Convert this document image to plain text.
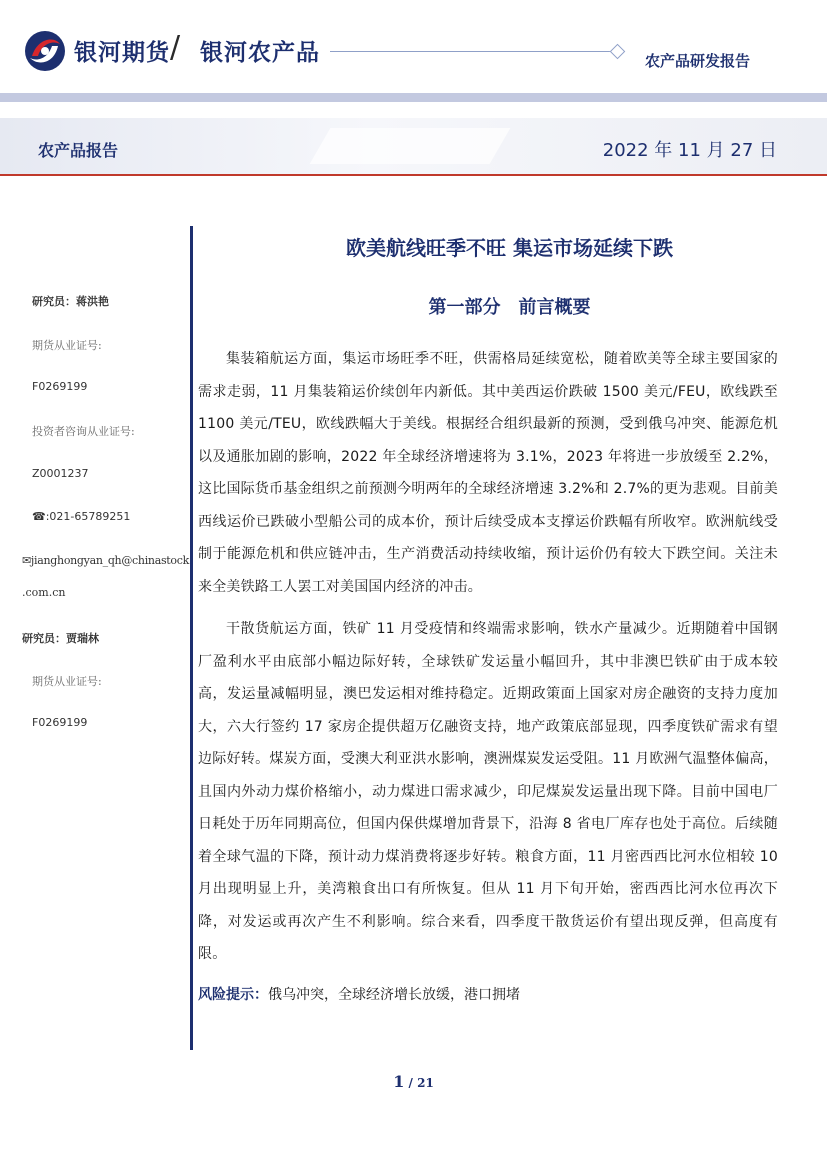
银河期货 / 银河农产品	农产品研发报告
农产品报告	2022 年 11 月 27 日
研究员：蒋洪艳
期货从业证号:
F0269199
投资者咨询从业证号:
Z0001237
☎:021-65789251
✉jianghongyan_qh@chinastock
.com.cn
研究员：贾瑞林
期货从业证号:
F0269199
欧美航线旺季不旺 集运市场延续下跌
第一部分　前言概要

集装箱航运方面，集运市场旺季不旺，供需格局延续宽松，随着欧美等全球主要国家的需求走弱，11 月集装箱运价续创年内新低。其中美西运价跌破 1500 美元/FEU，欧线跌至 1100 美元/TEU，欧线跌幅大于美线。根据经合组织最新的预测，受到俄乌冲突、能源危机以及通胀加剧的影响，2022 年全球经济增速将为 3.1%，2023 年将进一步放缓至 2.2%，这比国际货币基金组织之前预测今明两年的全球经济增速 3.2%和 2.7%的更为悲观。目前美西线运价已跌破小型船公司的成本价，预计后续受成本支撑运价跌幅有所收窄。欧洲航线受制于能源危机和供应链冲击，生产消费活动持续收缩，预计运价仍有较大下跌空间。关注未来全美铁路工人罢工对美国国内经济的冲击。

干散货航运方面，铁矿 11 月受疫情和终端需求影响，铁水产量减少。近期随着中国钢厂盈利水平由底部小幅边际好转，全球铁矿发运量小幅回升，其中非澳巴铁矿由于成本较高，发运量减幅明显，澳巴发运相对维持稳定。近期政策面上国家对房企融资的支持力度加大，六大行签约 17 家房企提供超万亿融资支持，地产政策底部显现，四季度铁矿需求有望边际好转。煤炭方面，受澳大利亚洪水影响，澳洲煤炭发运受阻。11 月欧洲气温整体偏高，且国内外动力煤价格缩小，动力煤进口需求减少，印尼煤炭发运量出现下降。目前中国电厂日耗处于历年同期高位，但国内保供煤增加背景下，沿海 8 省电厂库存也处于高位。后续随着全球气温的下降，预计动力煤消费将逐步好转。粮食方面，11 月密西西比河水位相较 10 月出现明显上升，美湾粮食出口有所恢复。但从 11 月下旬开始，密西西比河水位再次下降，对发运或再次产生不利影响。综合来看，四季度干散货运价有望出现反弹，但高度有限。

风险提示：俄乌冲突，全球经济增长放缓，港口拥堵
1 / 21
